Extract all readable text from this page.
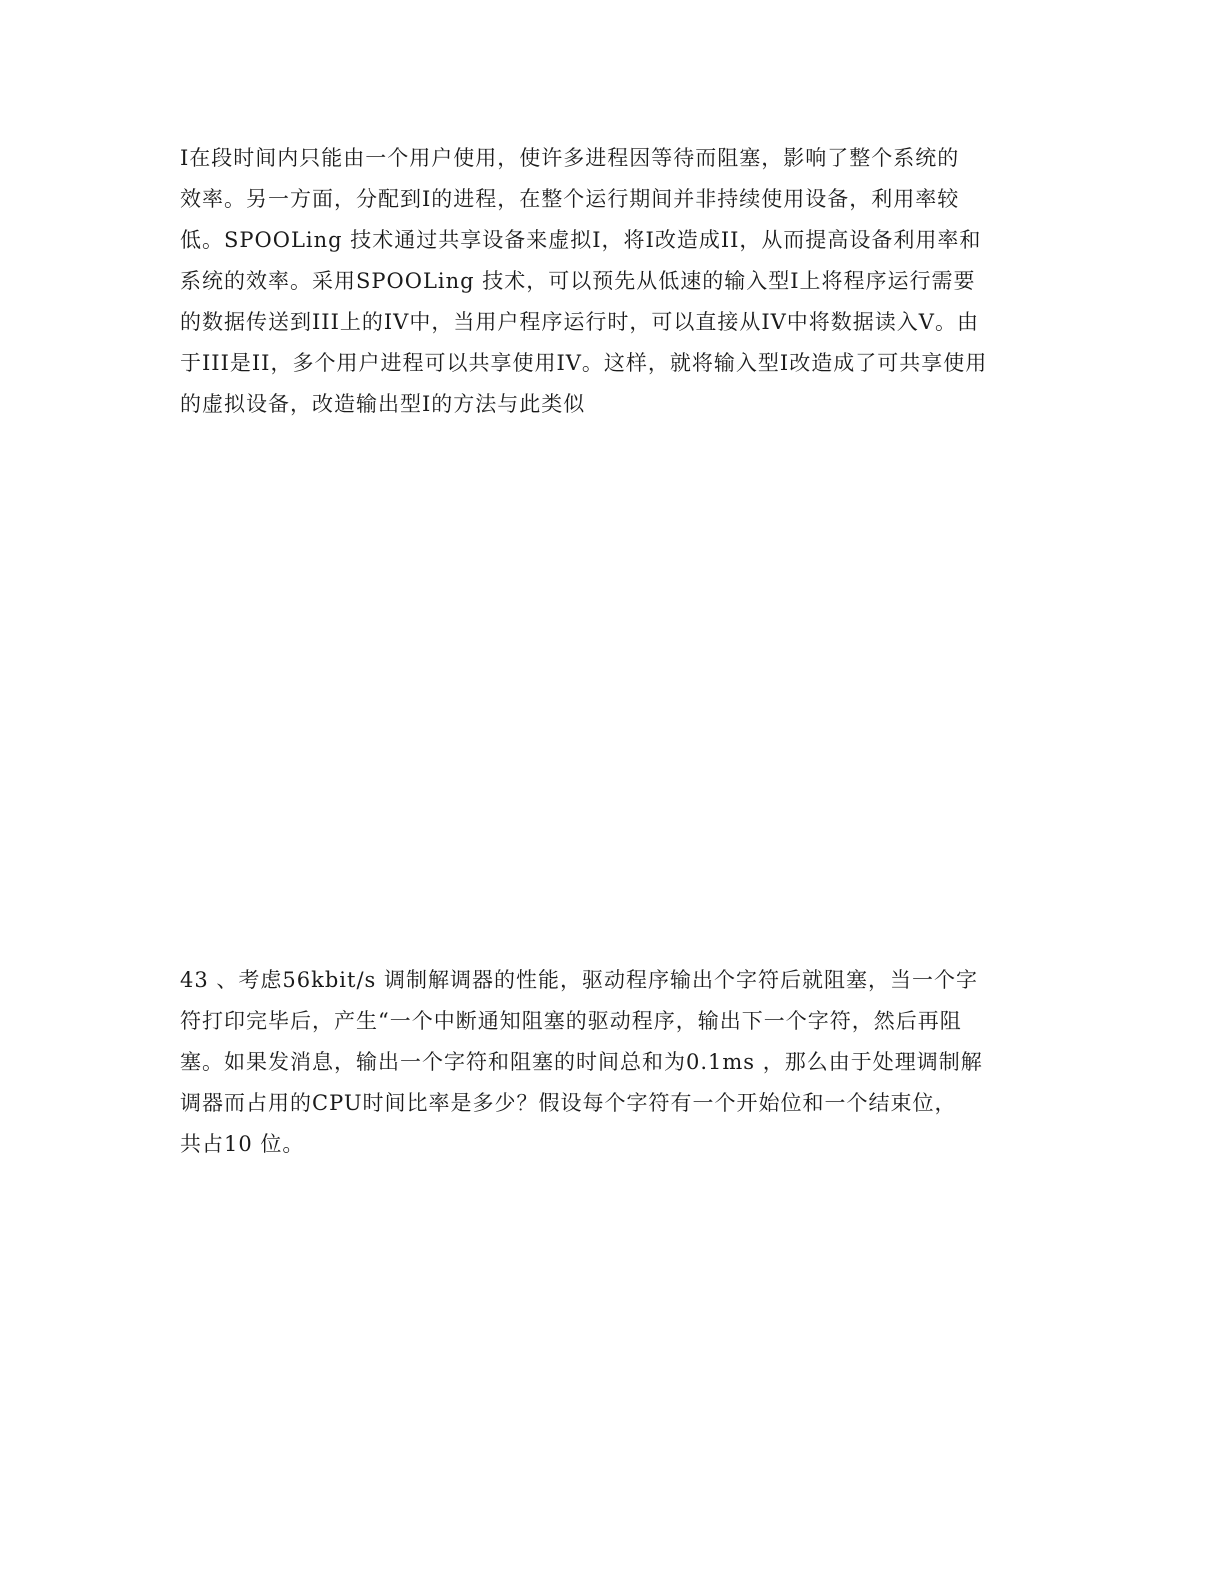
I在段时间内只能由一个用户使用，使许多进程因等待而阻塞，影响了整个系统的
效率。另一方面，分配到I的进程，在整个运行期间并非持续使用设备，利用率较
低。SPOOLing 技术通过共享设备来虚拟I，将I改造成II，从而提高设备利用率和
系统的效率。采用SPOOLing 技术，可以预先从低速的输入型I上将程序运行需要
的数据传送到III上的IV中，当用户程序运行时，可以直接从IV中将数据读入V。由
于III是II，多个用户进程可以共享使用IV。这样，就将输入型I改造成了可共享使用
的虚拟设备，改造输出型I的方法与此类似
43 、考虑56kbit/s 调制解调器的性能，驱动程序输出个字符后就阻塞，当一个字
符打印完毕后，产生“一个中断通知阻塞的驱动程序，输出下一个字符，然后再阻
塞。如果发消息，输出一个字符和阻塞的时间总和为0.1ms ，那么由于处理调制解
调器而占用的CPU时间比率是多少？假设每个字符有一个开始位和一个结束位，
共占10 位。
